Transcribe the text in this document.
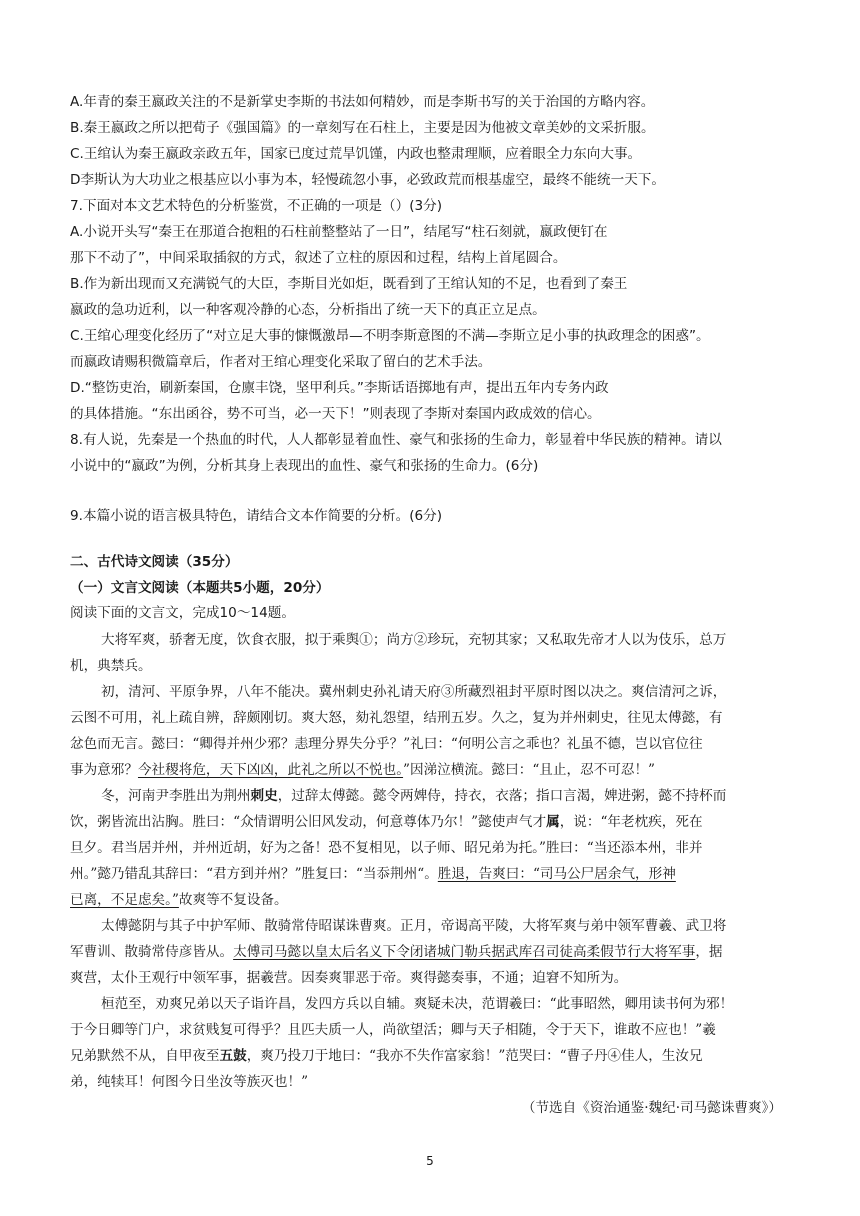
A.年青的秦王嬴政关注的不是新掌史李斯的书法如何精妙，而是李斯书写的关于治国的方略内容。
B.秦王嬴政之所以把荀子《强国篇》的一章刻写在石柱上，主要是因为他被文章美妙的文采折服。
C.王绾认为秦王嬴政亲政五年，国家已度过荒旱饥馑，内政也整肃理顺，应着眼全力东向大事。
D李斯认为大功业之根基应以小事为本，轻慢疏忽小事，必致政荒而根基虚空，最终不能统一天下。
7.下面对本文艺术特色的分析鉴赏，不正确的一项是（）(3分)
A.小说开头写“秦王在那道合抱粗的石柱前整整站了一日”，结尾写“柱石刻就，嬴政便钉在
那下不动了”，中间采取插叙的方式，叙述了立柱的原因和过程，结构上首尾圆合。
B.作为新出现而又充满锐气的大臣，李斯目光如炬，既看到了王绾认知的不足，也看到了秦王
嬴政的急功近利，以一种客观冷静的心态，分析指出了统一天下的真正立足点。
C.王绾心理变化经历了“对立足大事的慷慨激昂—不明李斯意图的不满—李斯立足小事的执政理念的困惑”。
而嬴政请赐积微篇章后，作者对王绾心理变化采取了留白的艺术手法。
D.“整饬吏治，刷新秦国，仓廪丰饶，坚甲利兵。”李斯话语掷地有声，提出五年内专务内政
的具体措施。“东出函谷，势不可当，必一天下！”则表现了李斯对秦国内政成效的信心。
8.有人说，先秦是一个热血的时代，人人都彰显着血性、豪气和张扬的生命力，彰显着中华民族的精神。请以
小说中的“嬴政”为例，分析其身上表现出的血性、豪气和张扬的生命力。(6分)
9.本篇小说的语言极具特色，请结合文本作简要的分析。(6分)
二、古代诗文阅读（35分）
（一）文言文阅读（本题共5小题，20分）
阅读下面的文言文，完成10～14题。
大将军爽，骄奢无度，饮食衣服，拟于乘舆①；尚方②珍玩，充牣其家；又私取先帝才人以为伎乐，总万
机，典禁兵。
初，清河、平原争界，八年不能决。冀州刺史孙礼请天府③所藏烈祖封平原时图以决之。爽信清河之诉，
云图不可用，礼上疏自辨，辞颇刚切。爽大怒，劾礼怨望，结刑五岁。久之，复为并州刺史，往见太傅懿，有
忿色而无言。懿曰：“卿得并州少邪？恚理分界失分乎？”礼曰：“何明公言之乖也？礼虽不德，岂以官位往
事为意邪？今社稷将危，天下凶凶，此礼之所以不悦也。”因涕泣横流。懿曰：“且止，忍不可忍！”
冬，河南尹李胜出为荆州刺史，过辞太傅懿。懿令两婢侍，持衣，衣落；指口言渴，婢进粥，懿不持杯而
饮，粥皆流出沾胸。胜曰：“众情谓明公旧风发动，何意尊体乃尔！”懿使声气才属，说：“年老枕疾，死在
旦夕。君当居并州，并州近胡，好为之备！恐不复相见，以子师、昭兄弟为托。”胜曰：“当还添本州，非并
州。”懿乃错乱其辞曰：“君方到并州？”胜复曰：“当忝荆州“。胜退，告爽曰：“司马公尸居余气，形神
已离，不足虑矣。”故爽等不复设备。
太傅懿阴与其子中护军师、散骑常侍昭谋诛曹爽。正月，帝谒高平陵，大将军爽与弟中领军曹羲、武卫将
军曹训、散骑常侍彦皆从。太傅司马懿以皇太后名义下令闭诸城门勒兵据武库召司徒高柔假节行大将军事，据
爽营，太仆王观行中领军事，据羲营。因奏爽罪恶于帝。爽得懿奏事，不通；迫窘不知所为。
桓范至，劝爽兄弟以天子诣许昌，发四方兵以自辅。爽疑未决，范谓羲曰：“此事昭然，卿用读书何为邪！
于今日卿等门户，求贫贱复可得乎？且匹夫质一人，尚欲望活；卿与天子相随，令于天下，谁敢不应也！”羲
兄弟默然不从，自甲夜至五鼓，爽乃投刀于地曰：“我亦不失作富家翁！”范哭曰：“曹子丹④佳人，生汝兄
弟，纯犊耳！何图今日坐汝等族灭也！”
（节选自《资治通鉴·魏纪·司马懿诛曹爽》）
5
